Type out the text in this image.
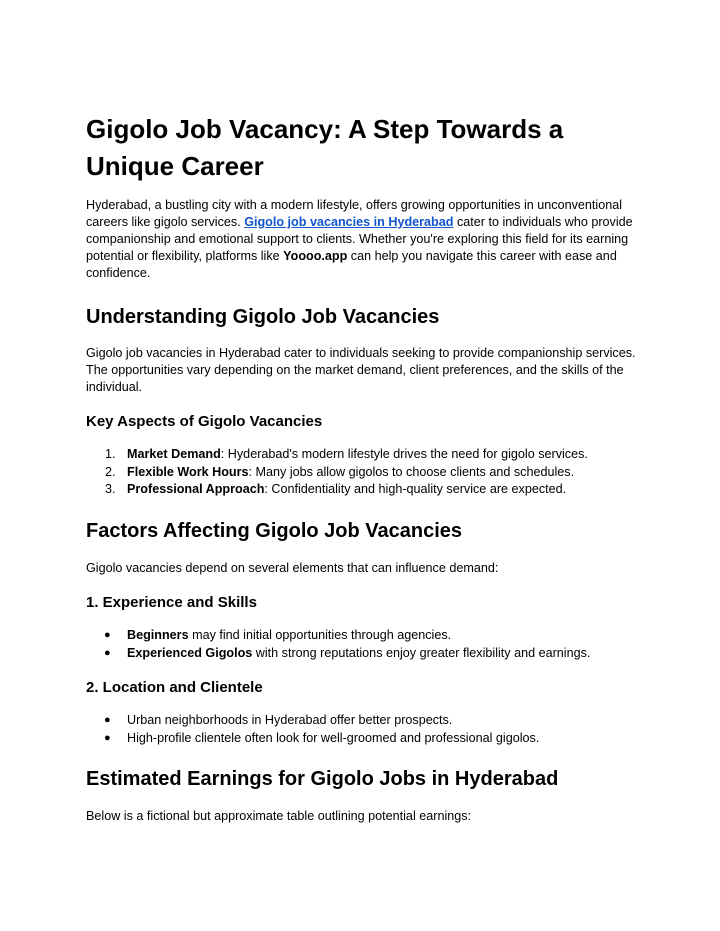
Gigolo Job Vacancy: A Step Towards a Unique Career

Hyderabad, a bustling city with a modern lifestyle, offers growing opportunities in unconventional careers like gigolo services. Gigolo job vacancies in Hyderabad cater to individuals who provide companionship and emotional support to clients. Whether you're exploring this field for its earning potential or flexibility, platforms like Yoooo.app can help you navigate this career with ease and confidence.

Understanding Gigolo Job Vacancies

Gigolo job vacancies in Hyderabad cater to individuals seeking to provide companionship services. The opportunities vary depending on the market demand, client preferences, and the skills of the individual.

Key Aspects of Gigolo Vacancies
1. Market Demand: Hyderabad's modern lifestyle drives the need for gigolo services.
2. Flexible Work Hours: Many jobs allow gigolos to choose clients and schedules.
3. Professional Approach: Confidentiality and high-quality service are expected.
Factors Affecting Gigolo Job Vacancies

Gigolo vacancies depend on several elements that can influence demand:

1. Experience and Skills
● Beginners may find initial opportunities through agencies.
● Experienced Gigolos with strong reputations enjoy greater flexibility and earnings.
2. Location and Clientele
● Urban neighborhoods in Hyderabad offer better prospects.
● High-profile clientele often look for well-groomed and professional gigolos.
Estimated Earnings for Gigolo Jobs in Hyderabad

Below is a fictional but approximate table outlining potential earnings:
